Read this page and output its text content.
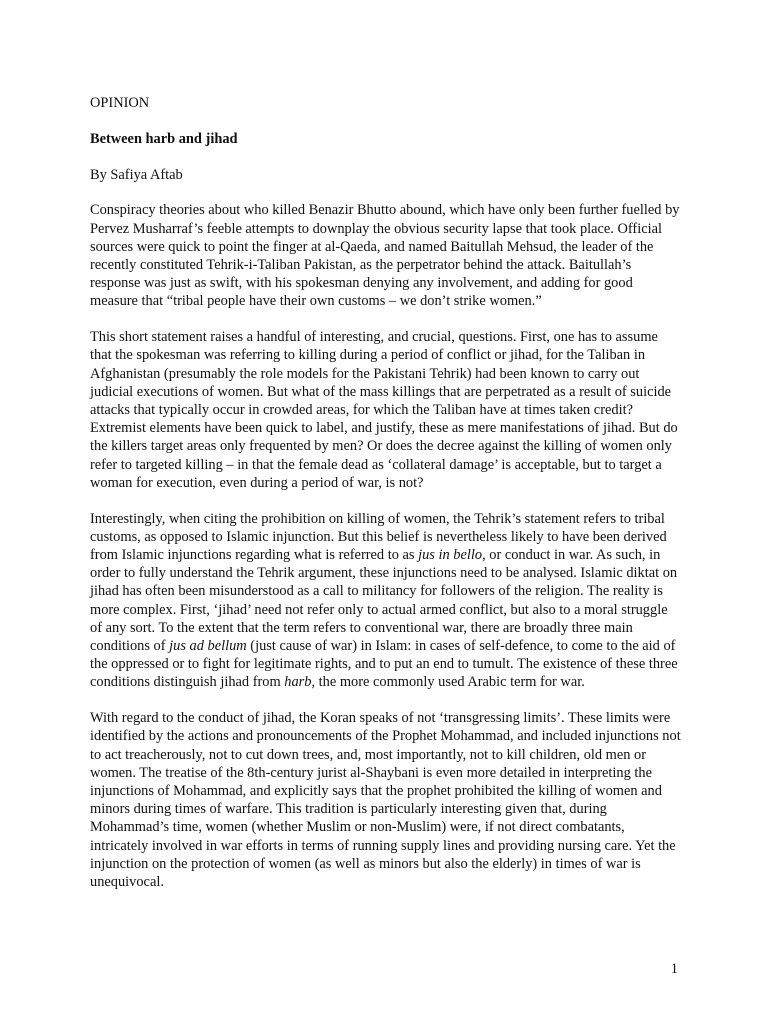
OPINION

Between harb and jihad

By Safiya Aftab

Conspiracy theories about who killed Benazir Bhutto abound, which have only been further fuelled by Pervez Musharraf’s feeble attempts to downplay the obvious security lapse that took place. Official sources were quick to point the finger at al-Qaeda, and named Baitullah Mehsud, the leader of the recently constituted Tehrik-i-Taliban Pakistan, as the perpetrator behind the attack. Baitullah’s response was just as swift, with his spokesman denying any involvement, and adding for good measure that “tribal people have their own customs – we don’t strike women.”

This short statement raises a handful of interesting, and crucial, questions. First, one has to assume that the spokesman was referring to killing during a period of conflict or jihad, for the Taliban in Afghanistan (presumably the role models for the Pakistani Tehrik) had been known to carry out judicial executions of women. But what of the mass killings that are perpetrated as a result of suicide attacks that typically occur in crowded areas, for which the Taliban have at times taken credit? Extremist elements have been quick to label, and justify, these as mere manifestations of jihad. But do the killers target areas only frequented by men? Or does the decree against the killing of women only refer to targeted killing – in that the female dead as ‘collateral damage’ is acceptable, but to target a woman for execution, even during a period of war, is not?

Interestingly, when citing the prohibition on killing of women, the Tehrik’s statement refers to tribal customs, as opposed to Islamic injunction. But this belief is nevertheless likely to have been derived from Islamic injunctions regarding what is referred to as jus in bello, or conduct in war. As such, in order to fully understand the Tehrik argument, these injunctions need to be analysed. Islamic diktat on jihad has often been misunderstood as a call to militancy for followers of the religion. The reality is more complex. First, ‘jihad’ need not refer only to actual armed conflict, but also to a moral struggle of any sort. To the extent that the term refers to conventional war, there are broadly three main conditions of jus ad bellum (just cause of war) in Islam: in cases of self-defence, to come to the aid of the oppressed or to fight for legitimate rights, and to put an end to tumult. The existence of these three conditions distinguish jihad from harb, the more commonly used Arabic term for war.

With regard to the conduct of jihad, the Koran speaks of not ‘transgressing limits’. These limits were identified by the actions and pronouncements of the Prophet Mohammad, and included injunctions not to act treacherously, not to cut down trees, and, most importantly, not to kill children, old men or women. The treatise of the 8th-century jurist al-Shaybani is even more detailed in interpreting the injunctions of Mohammad, and explicitly says that the prophet prohibited the killing of women and minors during times of warfare. This tradition is particularly interesting given that, during Mohammad’s time, women (whether Muslim or non-Muslim) were, if not direct combatants, intricately involved in war efforts in terms of running supply lines and providing nursing care. Yet the injunction on the protection of women (as well as minors but also the elderly) in times of war is unequivocal.

1
